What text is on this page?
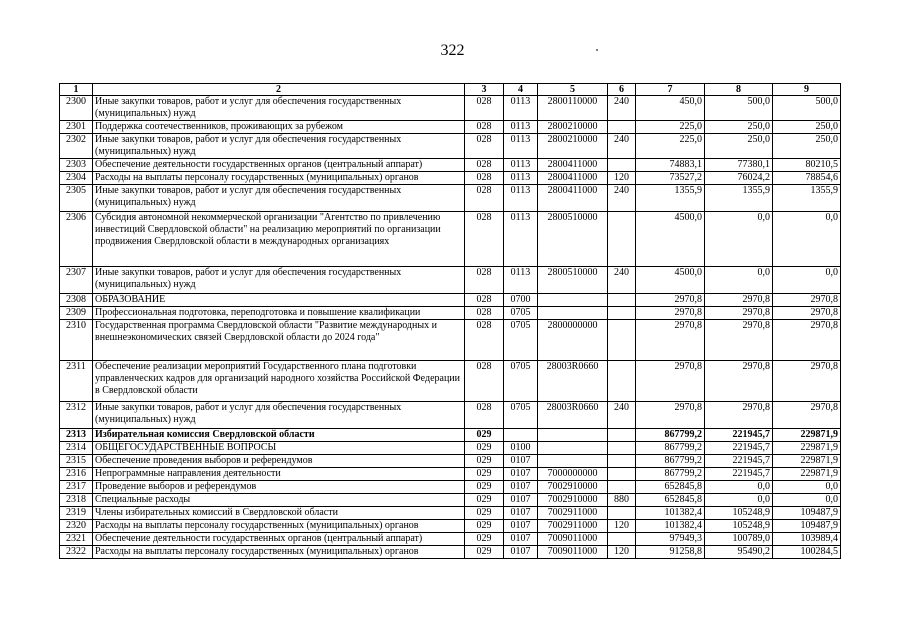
322
1	2	3	4	5	6	7	8	9
2300	Иные закупки товаров, работ и услуг для обеспечения государственных (муниципальных) нужд	028	0113	2800110000	240	450,0	500,0	500,0
2301	Поддержка соотечественников, проживающих за рубежом	028	0113	2800210000		225,0	250,0	250,0
2302	Иные закупки товаров, работ и услуг для обеспечения государственных (муниципальных) нужд	028	0113	2800210000	240	225,0	250,0	250,0
2303	Обеспечение деятельности государственных органов (центральный аппарат)	028	0113	2800411000		74883,1	77380,1	80210,5
2304	Расходы на выплаты персоналу государственных (муниципальных) органов	028	0113	2800411000	120	73527,2	76024,2	78854,6
2305	Иные закупки товаров, работ и услуг для обеспечения государственных (муниципальных) нужд	028	0113	2800411000	240	1355,9	1355,9	1355,9
2306	Субсидия автономной некоммерческой организации "Агентство по привлечению инвестиций Свердловской области" на реализацию мероприятий по организации продвижения Свердловской области в международных организациях	028	0113	2800510000		4500,0	0,0	0,0
2307	Иные закупки товаров, работ и услуг для обеспечения государственных (муниципальных) нужд	028	0113	2800510000	240	4500,0	0,0	0,0
2308	ОБРАЗОВАНИЕ	028	0700			2970,8	2970,8	2970,8
2309	Профессиональная подготовка, переподготовка и повышение квалификации	028	0705			2970,8	2970,8	2970,8
2310	Государственная программа Свердловской области "Развитие международных и внешнеэкономических связей Свердловской области до 2024 года"	028	0705	2800000000		2970,8	2970,8	2970,8
2311	Обеспечение реализации мероприятий Государственного плана подготовки управленческих кадров для организаций народного хозяйства Российской Федерации в Свердловской области	028	0705	28003R0660		2970,8	2970,8	2970,8
2312	Иные закупки товаров, работ и услуг для обеспечения государственных (муниципальных) нужд	028	0705	28003R0660	240	2970,8	2970,8	2970,8
2313	Избирательная комиссия Свердловской области	029				867799,2	221945,7	229871,9
2314	ОБЩЕГОСУДАРСТВЕННЫЕ ВОПРОСЫ	029	0100			867799,2	221945,7	229871,9
2315	Обеспечение проведения выборов и референдумов	029	0107			867799,2	221945,7	229871,9
2316	Непрограммные направления деятельности	029	0107	7000000000		867799,2	221945,7	229871,9
2317	Проведение выборов и референдумов	029	0107	7002910000		652845,8	0,0	0,0
2318	Специальные расходы	029	0107	7002910000	880	652845,8	0,0	0,0
2319	Члены избирательных комиссий в Свердловской области	029	0107	7002911000		101382,4	105248,9	109487,9
2320	Расходы на выплаты персоналу государственных (муниципальных) органов	029	0107	7002911000	120	101382,4	105248,9	109487,9
2321	Обеспечение деятельности государственных органов (центральный аппарат)	029	0107	7009011000		97949,3	100789,0	103989,4
2322	Расходы на выплаты персоналу государственных (муниципальных) органов	029	0107	7009011000	120	91258,8	95490,2	100284,5
